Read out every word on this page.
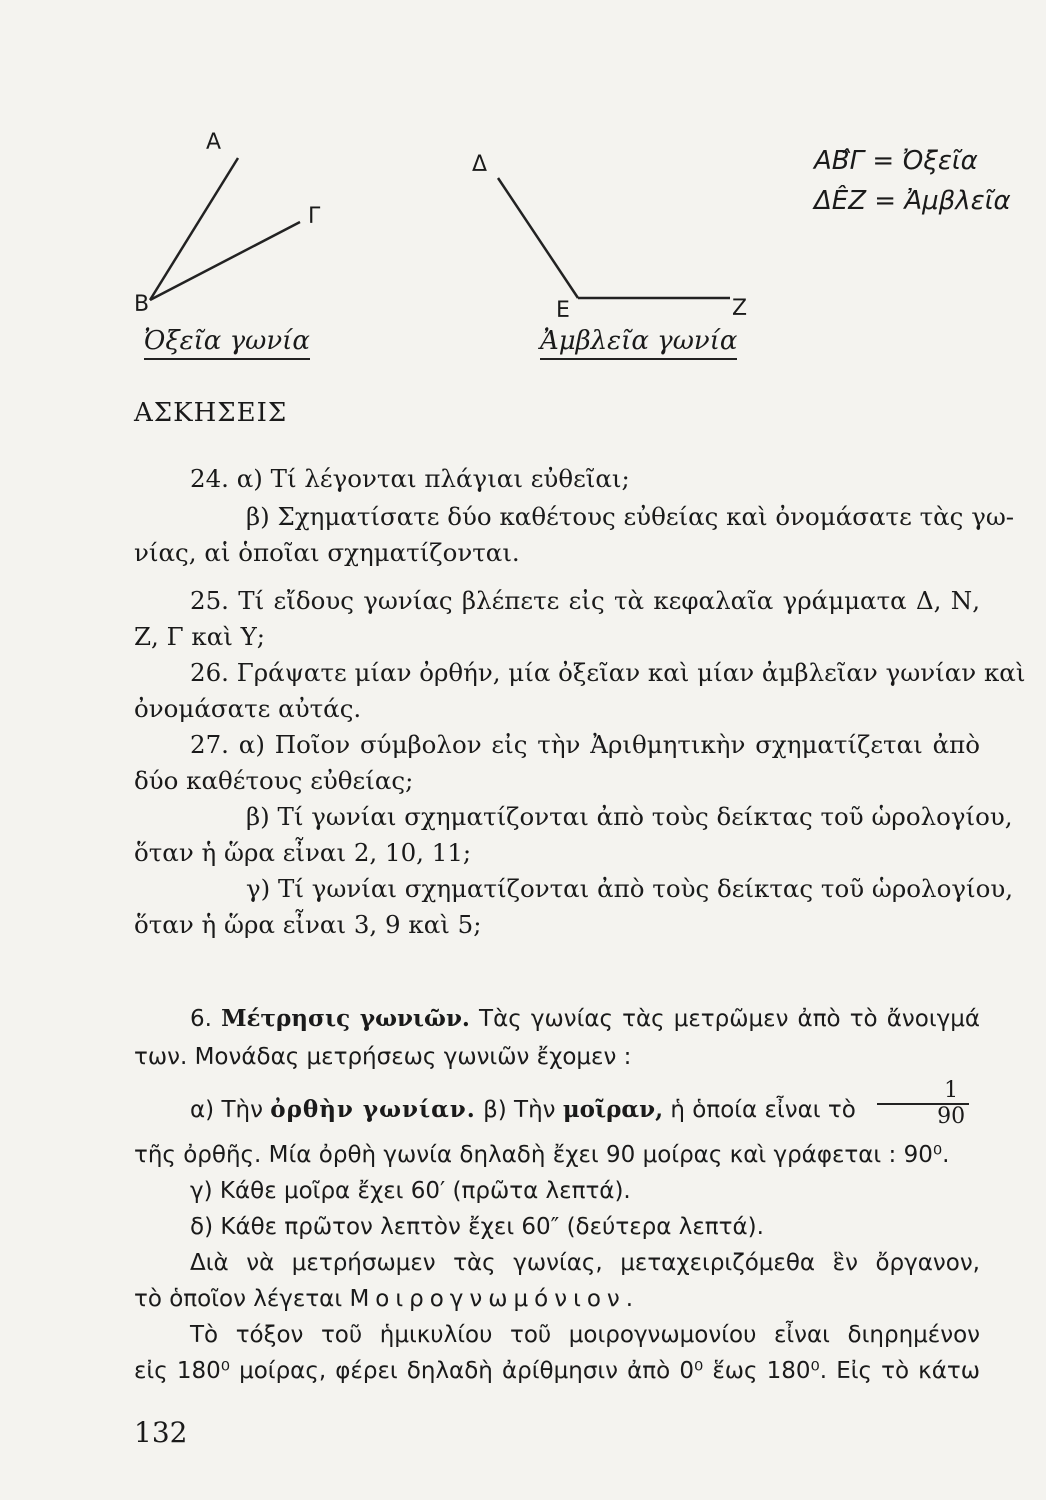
Α
Γ
Β
Δ
Ε	Ζ
ΑΒ̂Γ = Ὀξεῖα
ΔÊΖ = Ἀμβλεῖα
Ὀξεῖα γωνία	Ἀμβλεῖα γωνία
ΑΣΚΗΣΕΙΣ
24. α) Τί λέγονται πλάγιαι εὐθεῖαι;
β) Σχηματίσατε δύο καθέτους εὐθείας καὶ ὀνομάσατε τὰς γω-
νίας, αἱ ὁποῖαι σχηματίζονται.
25. Τί εἴδους γωνίας βλέπετε εἰς τὰ κεφαλαῖα γράμματα Δ, Ν,
Ζ, Γ καὶ Υ;
26. Γράψατε μίαν ὀρθήν, μία ὀξεῖαν καὶ μίαν ἀμβλεῖαν γωνίαν καὶ
ὀνομάσατε αὐτάς.
27. α) Ποῖον σύμβολον εἰς τὴν Ἀριθμητικὴν σχηματίζεται ἀπὸ
δύο καθέτους εὐθείας;
β) Τί γωνίαι σχηματίζονται ἀπὸ τοὺς δείκτας τοῦ ὡρολογίου,
ὅταν ἡ ὥρα εἶναι 2, 10, 11;
γ) Τί γωνίαι σχηματίζονται ἀπὸ τοὺς δείκτας τοῦ ὡρολογίου,
ὅταν ἡ ὥρα εἶναι 3, 9 καὶ 5;
6. Μέτρησις γωνιῶν. Τὰς γωνίας τὰς μετρῶμεν ἀπὸ τὸ ἄνοιγμά
των. Μονάδας μετρήσεως γωνιῶν ἔχομεν :
α) Τὴν ὀρθὴν γωνίαν. β) Τὴν μοῖραν, ἡ ὁποία εἶναι τὸ $\frac{1}{90}$
τῆς ὀρθῆς. Μία ὀρθὴ γωνία δηλαδὴ ἔχει 90 μοίρας καὶ γράφεται : 90⁰.
γ) Κάθε μοῖρα ἔχει 60′ (πρῶτα λεπτά).
δ) Κάθε πρῶτον λεπτὸν ἔχει 60″ (δεύτερα λεπτά).
Διὰ νὰ μετρήσωμεν τὰς γωνίας, μεταχειριζόμεθα ἓν ὄργανον,
τὸ ὁποῖον λέγεται Μοιρογνωμόνιον.
Τὸ τόξον τοῦ ἡμικυλίου τοῦ μοιρογνωμονίου εἶναι διηρημένον
εἰς 180⁰ μοίρας, φέρει δηλαδὴ ἀρίθμησιν ἀπὸ 0⁰ ἕως 180⁰. Εἰς τὸ κάτω
132
